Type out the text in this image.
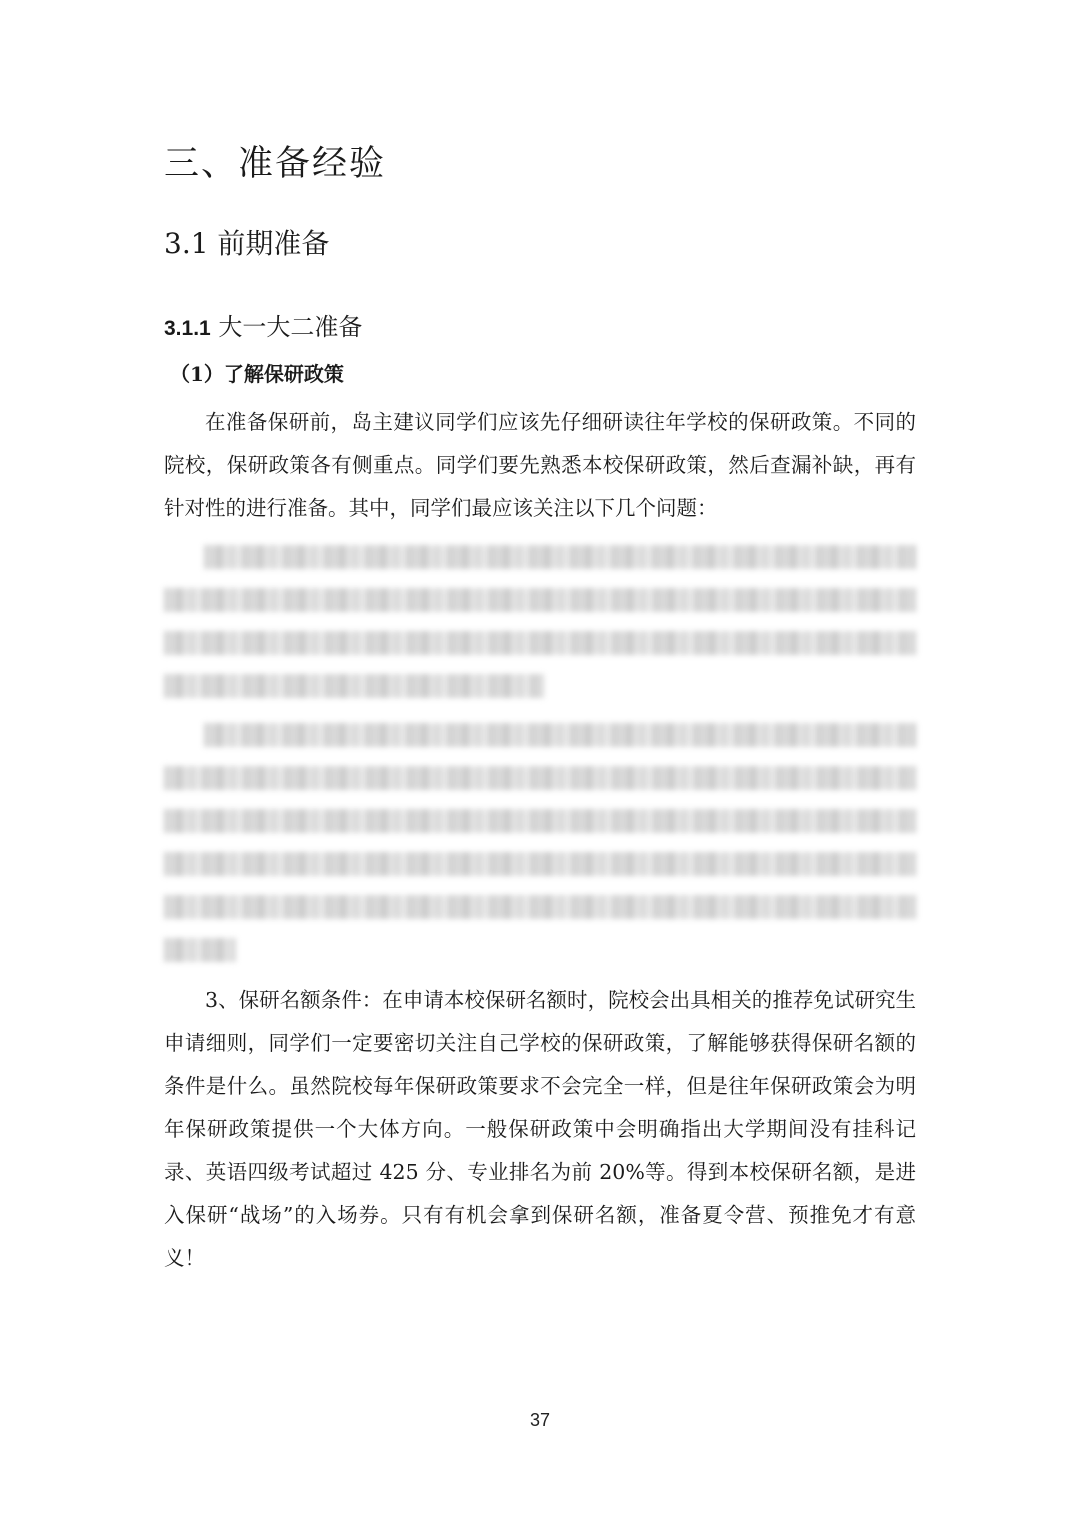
三、准备经验
3.1 前期准备
3.1.1 大一大二准备
（1）了解保研政策

在准备保研前，岛主建议同学们应该先仔细研读往年学校的保研政策。不同的院校，保研政策各有侧重点。同学们要先熟悉本校保研政策，然后查漏补缺，再有针对性的进行准备。其中，同学们最应该关注以下几个问题：

3、保研名额条件：在申请本校保研名额时，院校会出具相关的推荐免试研究生申请细则，同学们一定要密切关注自己学校的保研政策，了解能够获得保研名额的条件是什么。虽然院校每年保研政策要求不会完全一样，但是往年保研政策会为明年保研政策提供一个大体方向。一般保研政策中会明确指出大学期间没有挂科记录、英语四级考试超过 425 分、专业排名为前 20%等。得到本校保研名额，是进入保研“战场”的入场券。只有有机会拿到保研名额，准备夏令营、预推免才有意义！

37
